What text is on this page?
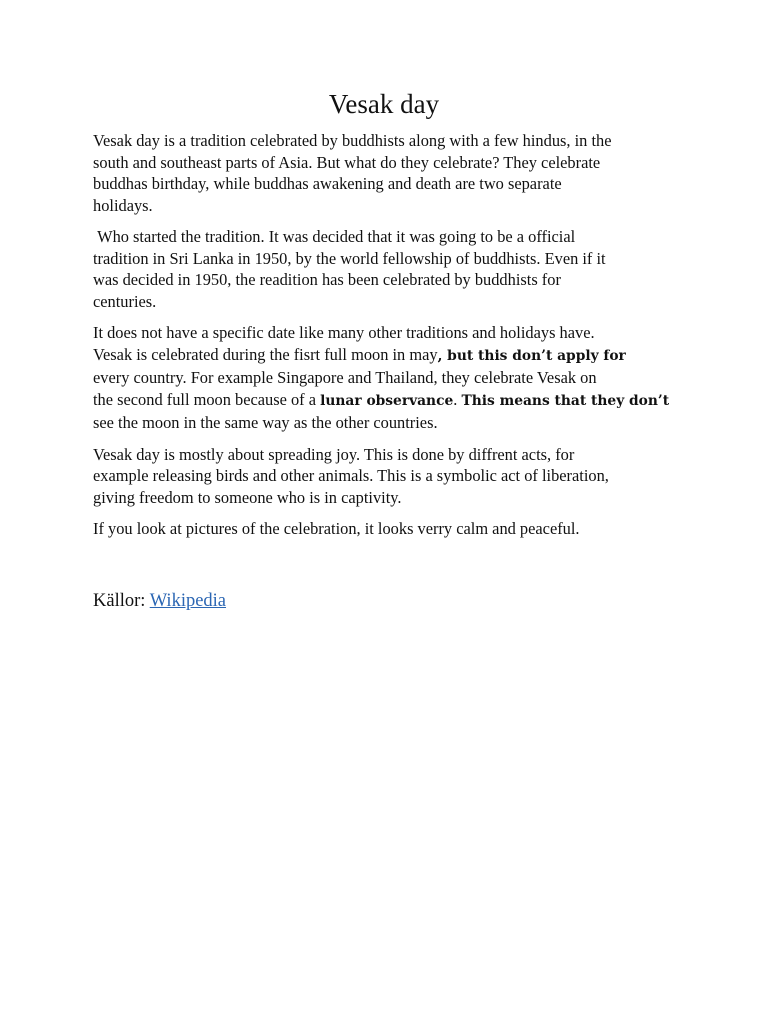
Vesak day

Vesak day is a tradition celebrated by buddhists along with a few hindus, in the
south and southeast parts of Asia. But what do they celebrate? They celebrate
buddhas birthday, while buddhas awakening and death are two separate
holidays.

Who started the tradition. It was decided that it was going to be a official
tradition in Sri Lanka in 1950, by the world fellowship of buddhists. Even if it
was decided in 1950, the readition has been celebrated by buddhists for
centuries.

It does not have a specific date like many other traditions and holidays have.
Vesak is celebrated during the fisrt full moon in may, but this don’t apply for
every country. For example Singapore and Thailand, they celebrate Vesak on
the second full moon because of a lunar observance. This means that they don’t
see the moon in the same way as the other countries.

Vesak day is mostly about spreading joy. This is done by diffrent acts, for
example releasing birds and other animals. This is a symbolic act of liberation,
giving freedom to someone who is in captivity.

If you look at pictures of the celebration, it looks verry calm and peaceful.

Källor: Wikipedia
